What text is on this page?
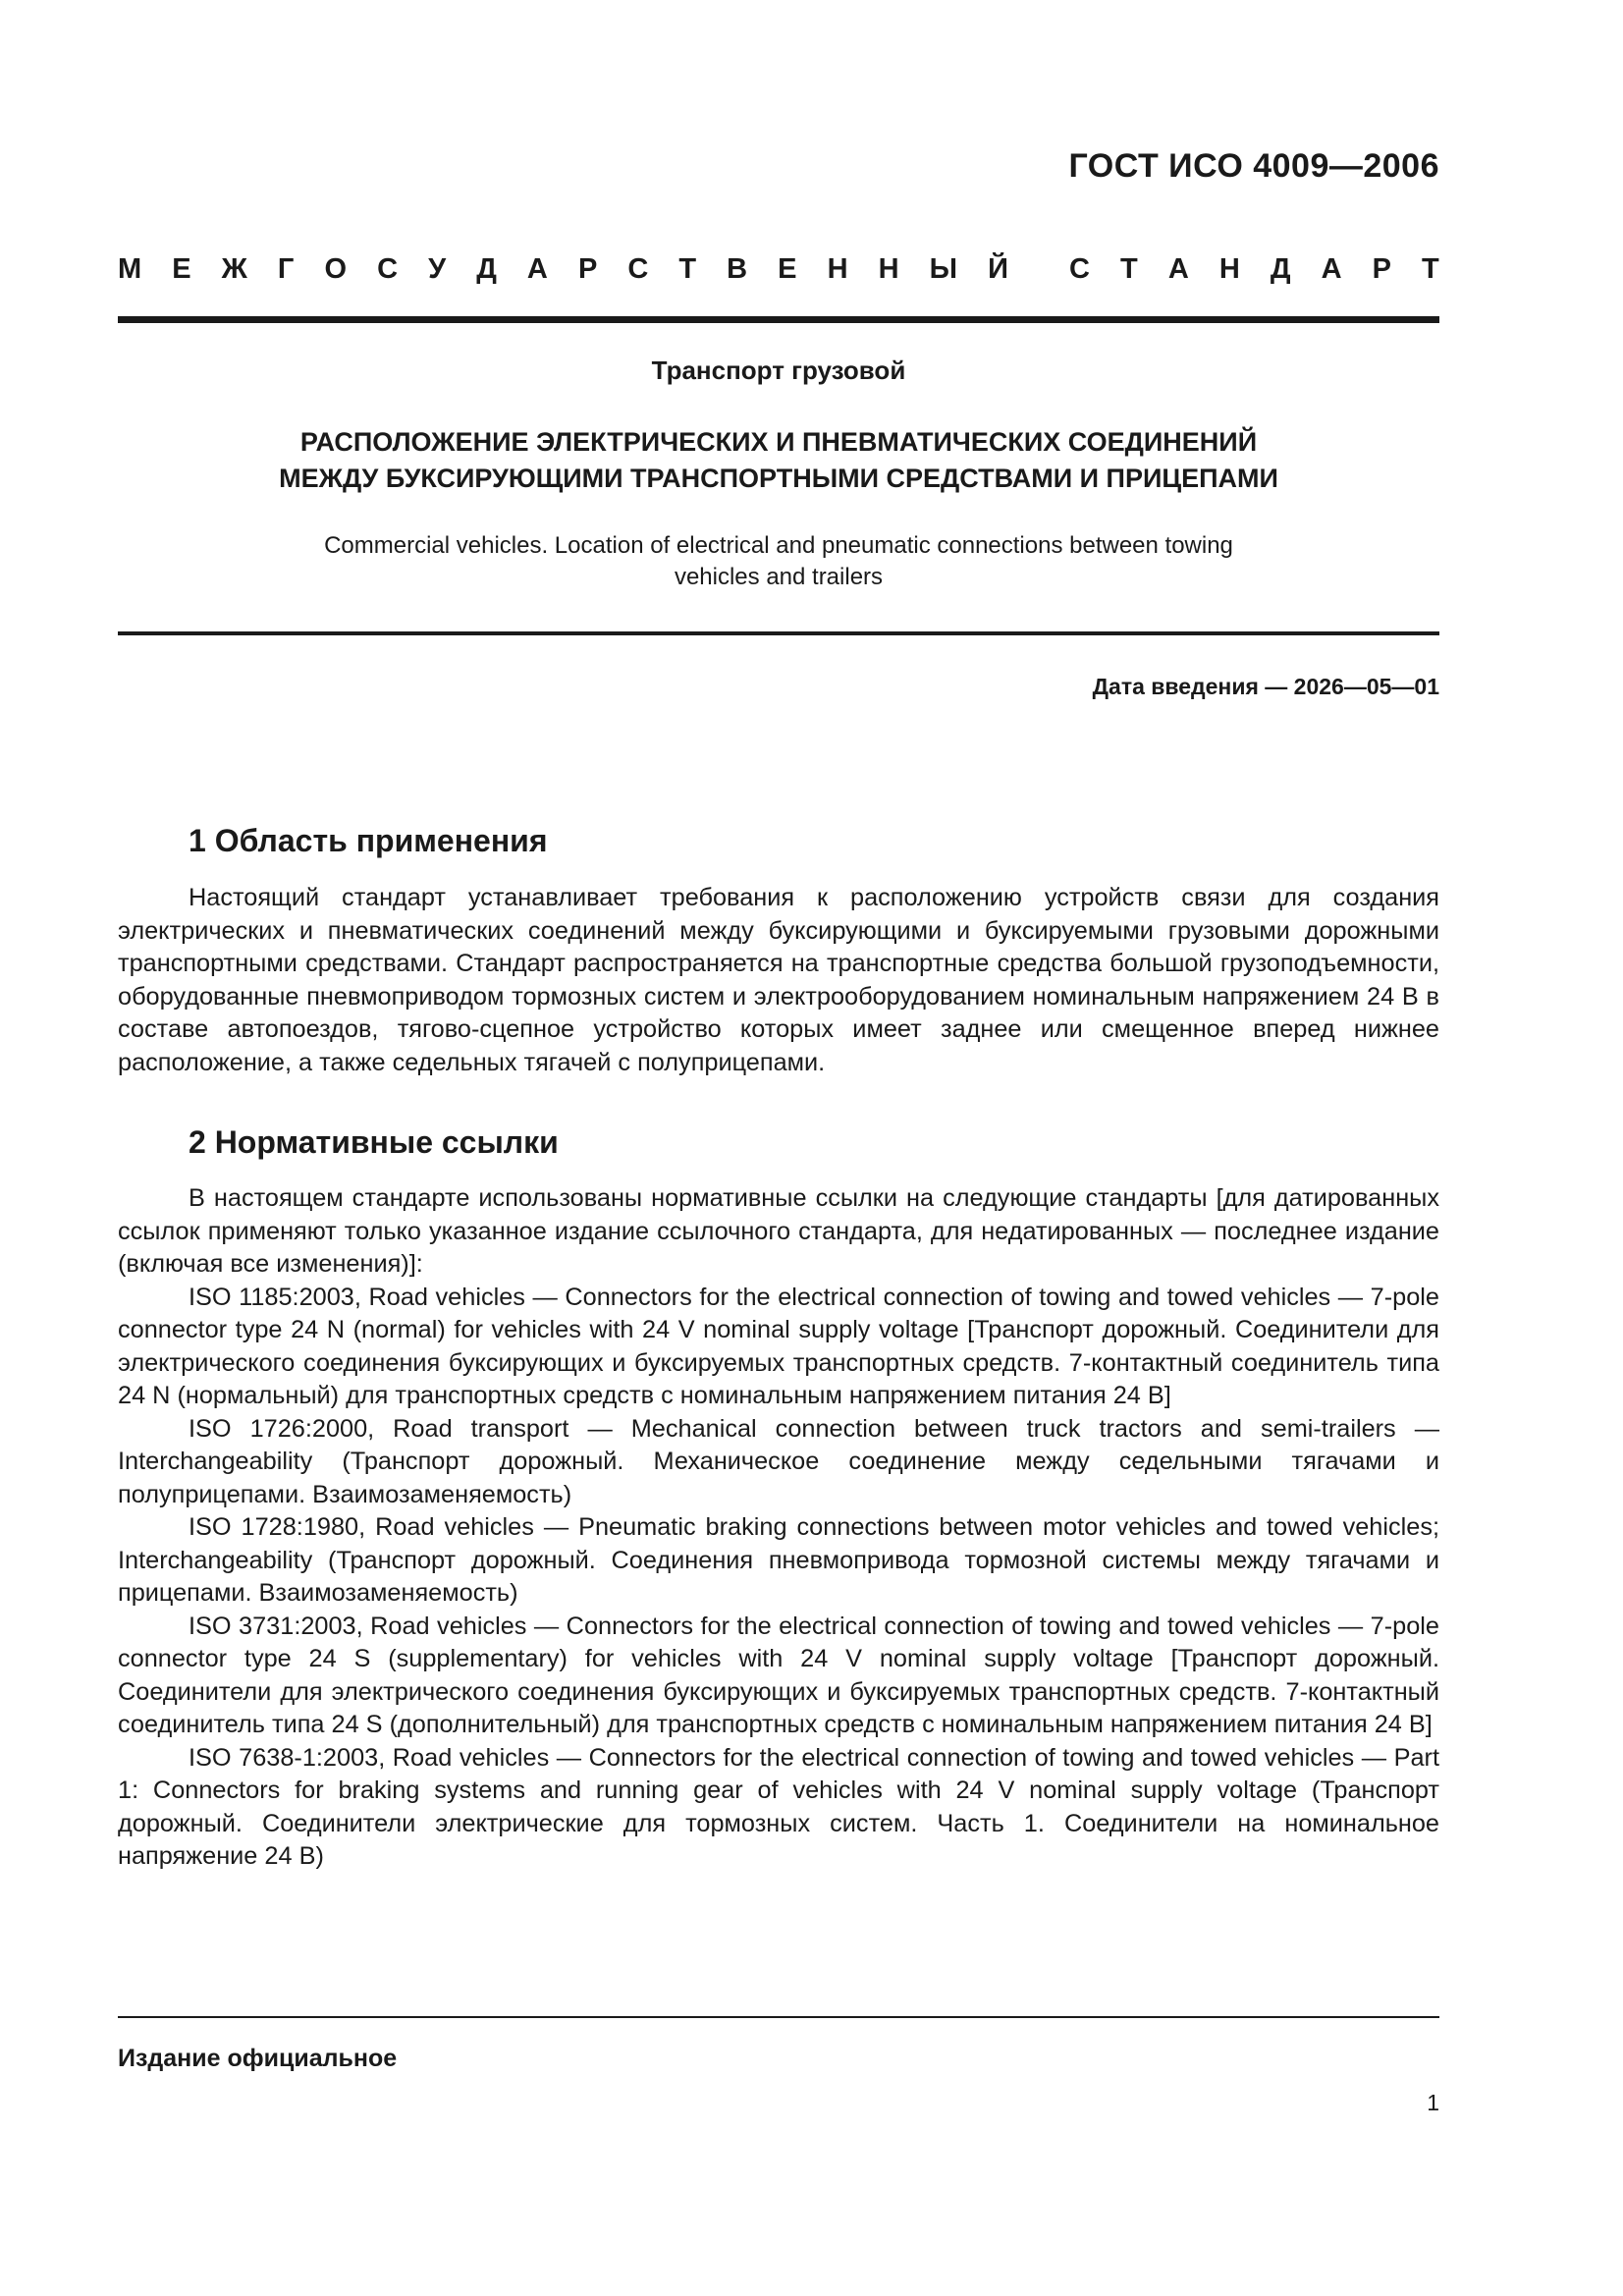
ГОСТ ИСО 4009—2006
М Е Ж Г О С У Д А Р С Т В Е Н Н Ы Й С Т А Н Д А Р Т
Транспорт грузовой
РАСПОЛОЖЕНИЕ ЭЛЕКТРИЧЕСКИХ И ПНЕВМАТИЧЕСКИХ СОЕДИНЕНИЙ
МЕЖДУ БУКСИРУЮЩИМИ ТРАНСПОРТНЫМИ СРЕДСТВАМИ И ПРИЦЕПАМИ
Commercial vehicles. Location of electrical and pneumatic connections between towing
vehicles and trailers
Дата введения — 2026—05—01
1 Область применения

Настоящий стандарт устанавливает требования к расположению устройств связи для создания электрических и пневматических соединений между буксирующими и буксируемыми грузовыми дорожными транспортными средствами. Стандарт распространяется на транспортные средства большой грузоподъемности, оборудованные пневмоприводом тормозных систем и электрооборудованием номинальным напряжением 24 В в составе автопоездов, тягово-сцепное устройство которых имеет заднее или смещенное вперед нижнее расположение, а также седельных тягачей с полуприцепами.

2 Нормативные ссылки

В настоящем стандарте использованы нормативные ссылки на следующие стандарты [для датированных ссылок применяют только указанное издание ссылочного стандарта, для недатированных — последнее издание (включая все изменения)]:

ISO 1185:2003, Road vehicles — Connectors for the electrical connection of towing and towed vehicles — 7-pole connector type 24 N (normal) for vehicles with 24 V nominal supply voltage [Транспорт дорожный. Соединители для электрического соединения буксирующих и буксируемых транспортных средств. 7-контактный соединитель типа 24 N (нормальный) для транспортных средств с номинальным напряжением питания 24 В]

ISO 1726:2000, Road transport — Mechanical connection between truck tractors and semi-trailers — Interchangeability (Транспорт дорожный. Механическое соединение между седельными тягачами и полуприцепами. Взаимозаменяемость)

ISO 1728:1980, Road vehicles — Pneumatic braking connections between motor vehicles and towed vehicles; Interchangeability (Транспорт дорожный. Соединения пневмопривода тормозной системы между тягачами и прицепами. Взаимозаменяемость)

ISO 3731:2003, Road vehicles — Connectors for the electrical connection of towing and towed vehicles — 7-pole connector type 24 S (supplementary) for vehicles with 24 V nominal supply voltage [Транспорт дорожный. Соединители для электрического соединения буксирующих и буксируемых транспортных средств. 7-контактный соединитель типа 24 S (дополнительный) для транспортных средств с номинальным напряжением питания 24 В]

ISO 7638-1:2003, Road vehicles — Connectors for the electrical connection of towing and towed vehicles — Part 1: Connectors for braking systems and running gear of vehicles with 24 V nominal supply voltage (Транспорт дорожный. Соединители электрические для тормозных систем. Часть 1. Соединители на номинальное напряжение 24 В)

Издание официальное
1
